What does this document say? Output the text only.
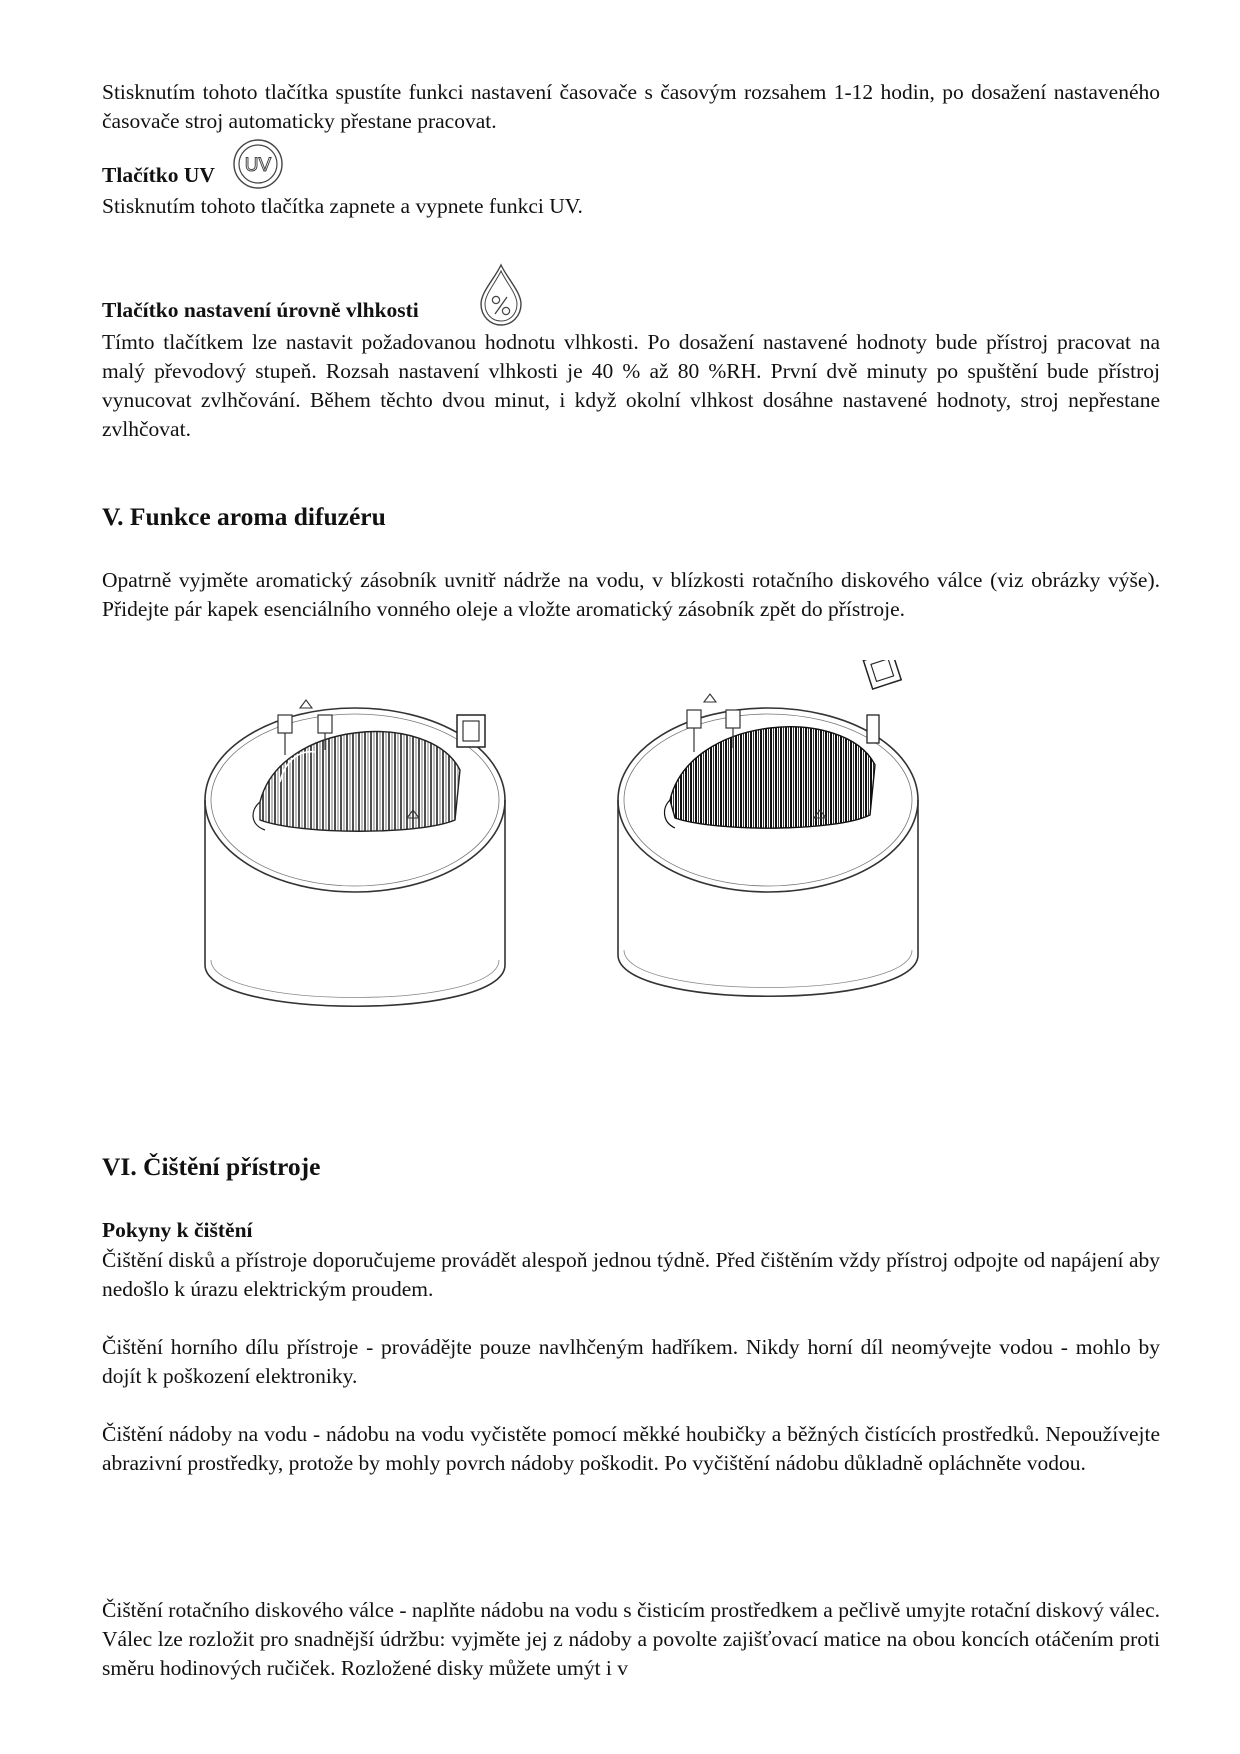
Stisknutím tohoto tlačítka spustíte funkci nastavení časovače s časovým rozsahem 1-12 hodin, po dosažení nastaveného časovače stroj automaticky přestane pracovat.

Tlačítko UV	UV

Stisknutím tohoto tlačítka zapnete a vypnete funkci UV.

Tlačítko nastavení úrovně vlhkosti

Tímto tlačítkem lze nastavit požadovanou hodnotu vlhkosti. Po dosažení nastavené hodnoty bude přístroj pracovat na malý převodový stupeň. Rozsah nastavení vlhkosti je 40 % až 80 %RH. První dvě minuty po spuštění bude přístroj vynucovat zvlhčování. Během těchto dvou minut, i když okolní vlhkost dosáhne nastavené hodnoty, stroj nepřestane zvlhčovat.

V. Funkce aroma difuzéru

Opatrně vyjměte aromatický zásobník uvnitř nádrže na vodu, v blízkosti rotačního diskového válce (viz obrázky výše). Přidejte pár kapek esenciálního vonného oleje a vložte aromatický zásobník zpět do přístroje.

VI. Čištění přístroje
Pokyny k čištění

Čištění disků a přístroje doporučujeme provádět alespoň jednou týdně. Před čištěním vždy přístroj odpojte od napájení aby nedošlo k úrazu elektrickým proudem.

Čištění horního dílu přístroje - provádějte pouze navlhčeným hadříkem. Nikdy horní díl neomývejte vodou - mohlo by dojít k poškození elektroniky.

Čištění nádoby na vodu - nádobu na vodu vyčistěte pomocí měkké houbičky a běžných čistících prostředků. Nepoužívejte abrazivní prostředky, protože by mohly povrch nádoby poškodit. Po vyčištění nádobu důkladně opláchněte vodou.

Čištění rotačního diskového válce - naplňte nádobu na vodu s čisticím prostředkem a pečlivě umyjte rotační diskový válec. Válec lze rozložit pro snadnější údržbu: vyjměte jej z nádoby a povolte zajišťovací matice na obou koncích otáčením proti směru hodinových ručiček. Rozložené disky můžete umýt i v
